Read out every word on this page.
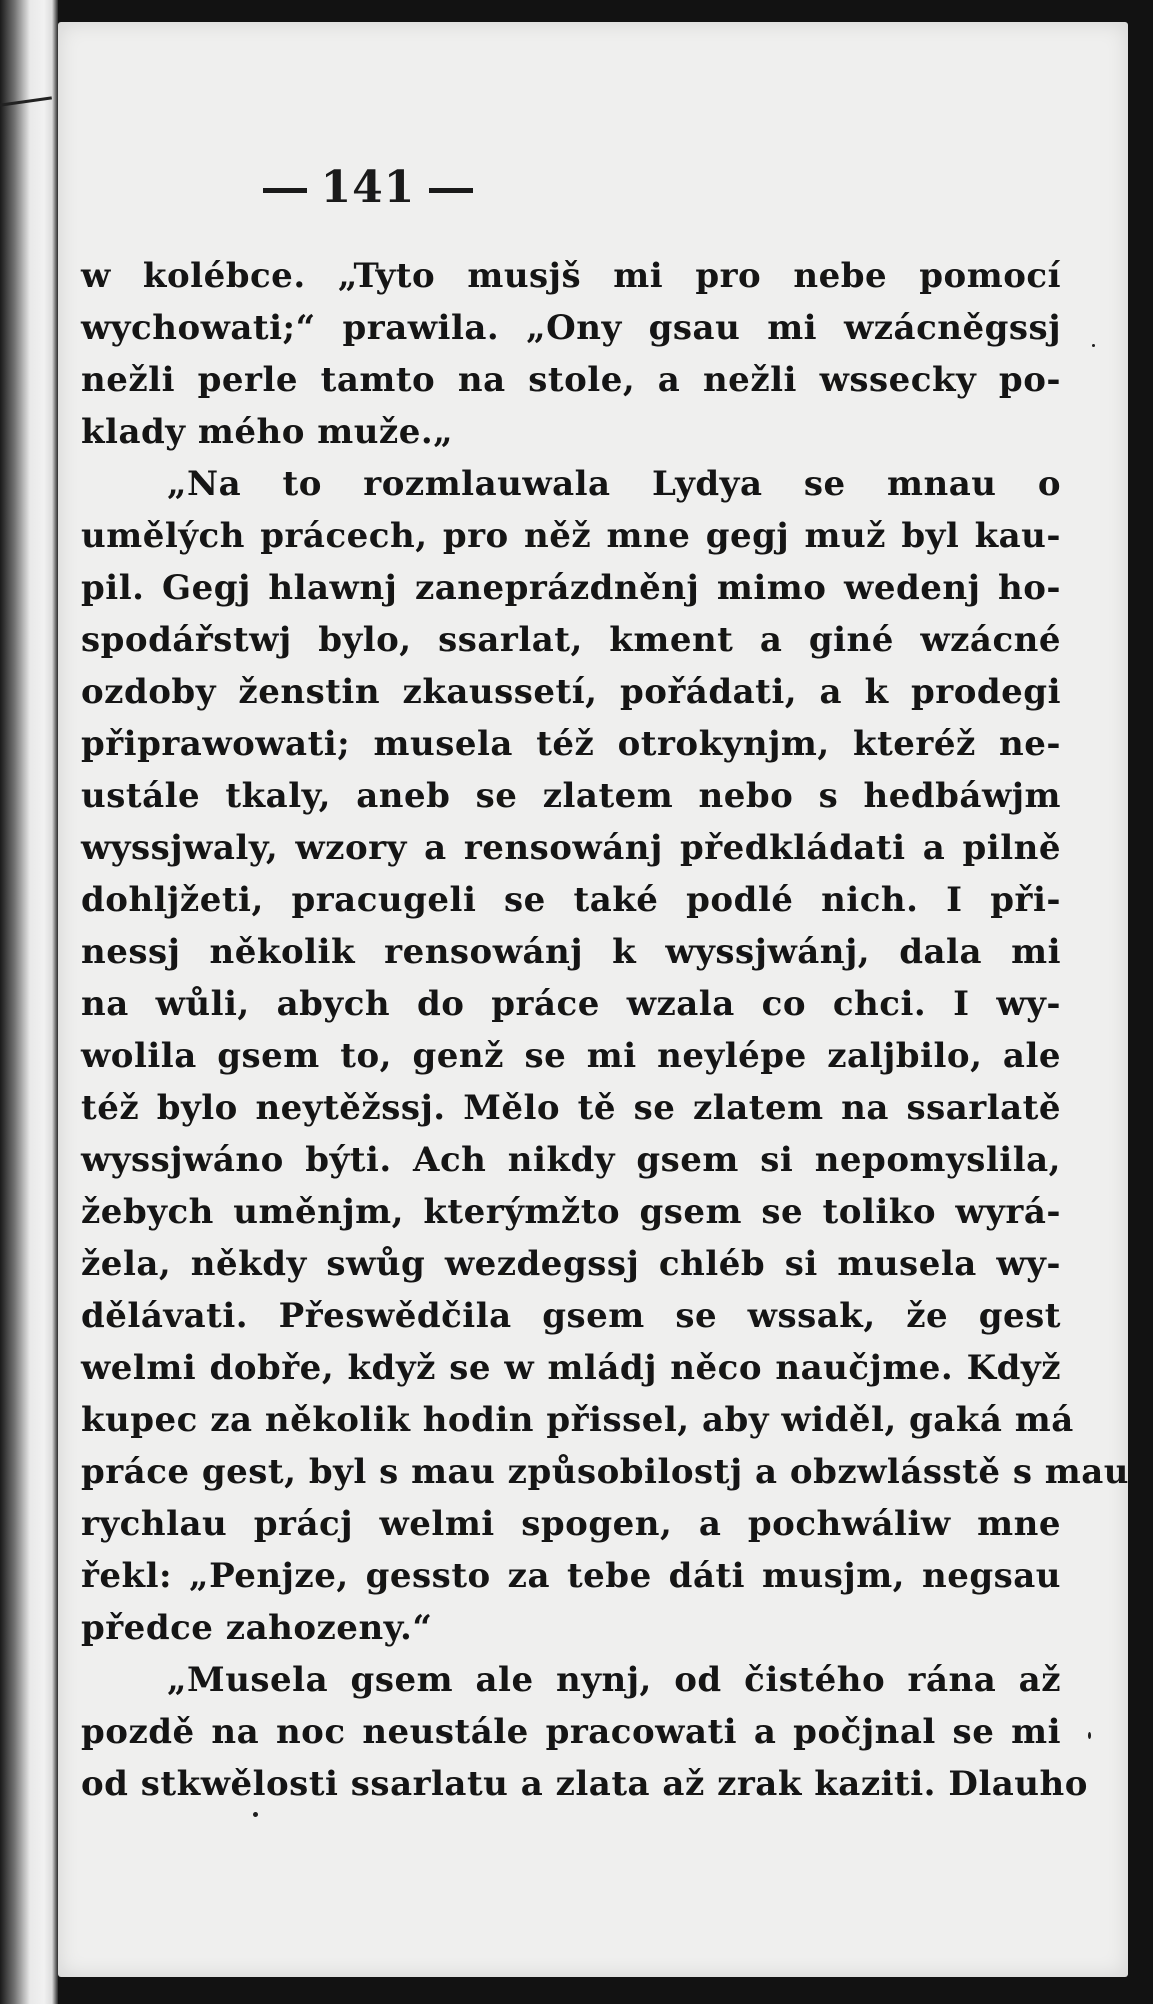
141
w kolébce. „Tyto musjš mi pro nebe pomocí
wychowati;“ prawila. „Ony gsau mi wzácněgssj
nežli perle tamto na stole, a nežli wssecky po-
klady mého muže.„
„Na to rozmlauwala Lydya se mnau o
umělých prácech, pro něž mne gegj muž byl kau-
pil. Gegj hlawnj zaneprázdněnj mimo wedenj ho-
spodářstwj bylo, ssarlat, kment a giné wzácné
ozdoby ženstin zkaussetí, pořádati, a k prodegi
připrawowati; musela též otrokynjm, kteréž ne-
ustále tkaly, aneb se zlatem nebo s hedbáwjm
wyssjwaly, wzory a rensowánj předkládati a pilně
dohljžeti, pracugeli se také podlé nich. I při-
nessj několik rensowánj k wyssjwánj, dala mi
na wůli, abych do práce wzala co chci. I wy-
wolila gsem to, genž se mi neylépe zaljbilo, ale
též bylo neytěžssj. Mělo tě se zlatem na ssarlatě
wyssjwáno býti. Ach nikdy gsem si nepomyslila,
žebych uměnjm, kterýmžto gsem se toliko wyrá-
žela, někdy swůg wezdegssj chléb si musela wy-
dělávati. Přeswědčila gsem se wssak, že gest
welmi dobře, když se w mládj něco naučjme. Když
kupec za několik hodin přissel, aby widěl, gaká má
práce gest, byl s mau způsobilostj a obzwlásstě s mau
rychlau prácj welmi spogen, a pochwáliw mne
řekl: „Penjze, gessto za tebe dáti musjm, negsau
předce zahozeny.“
„Musela gsem ale nynj, od čistého rána až
pozdě na noc neustále pracowati a počjnal se mi
od stkwělosti ssarlatu a zlata až zrak kaziti. Dlauho
